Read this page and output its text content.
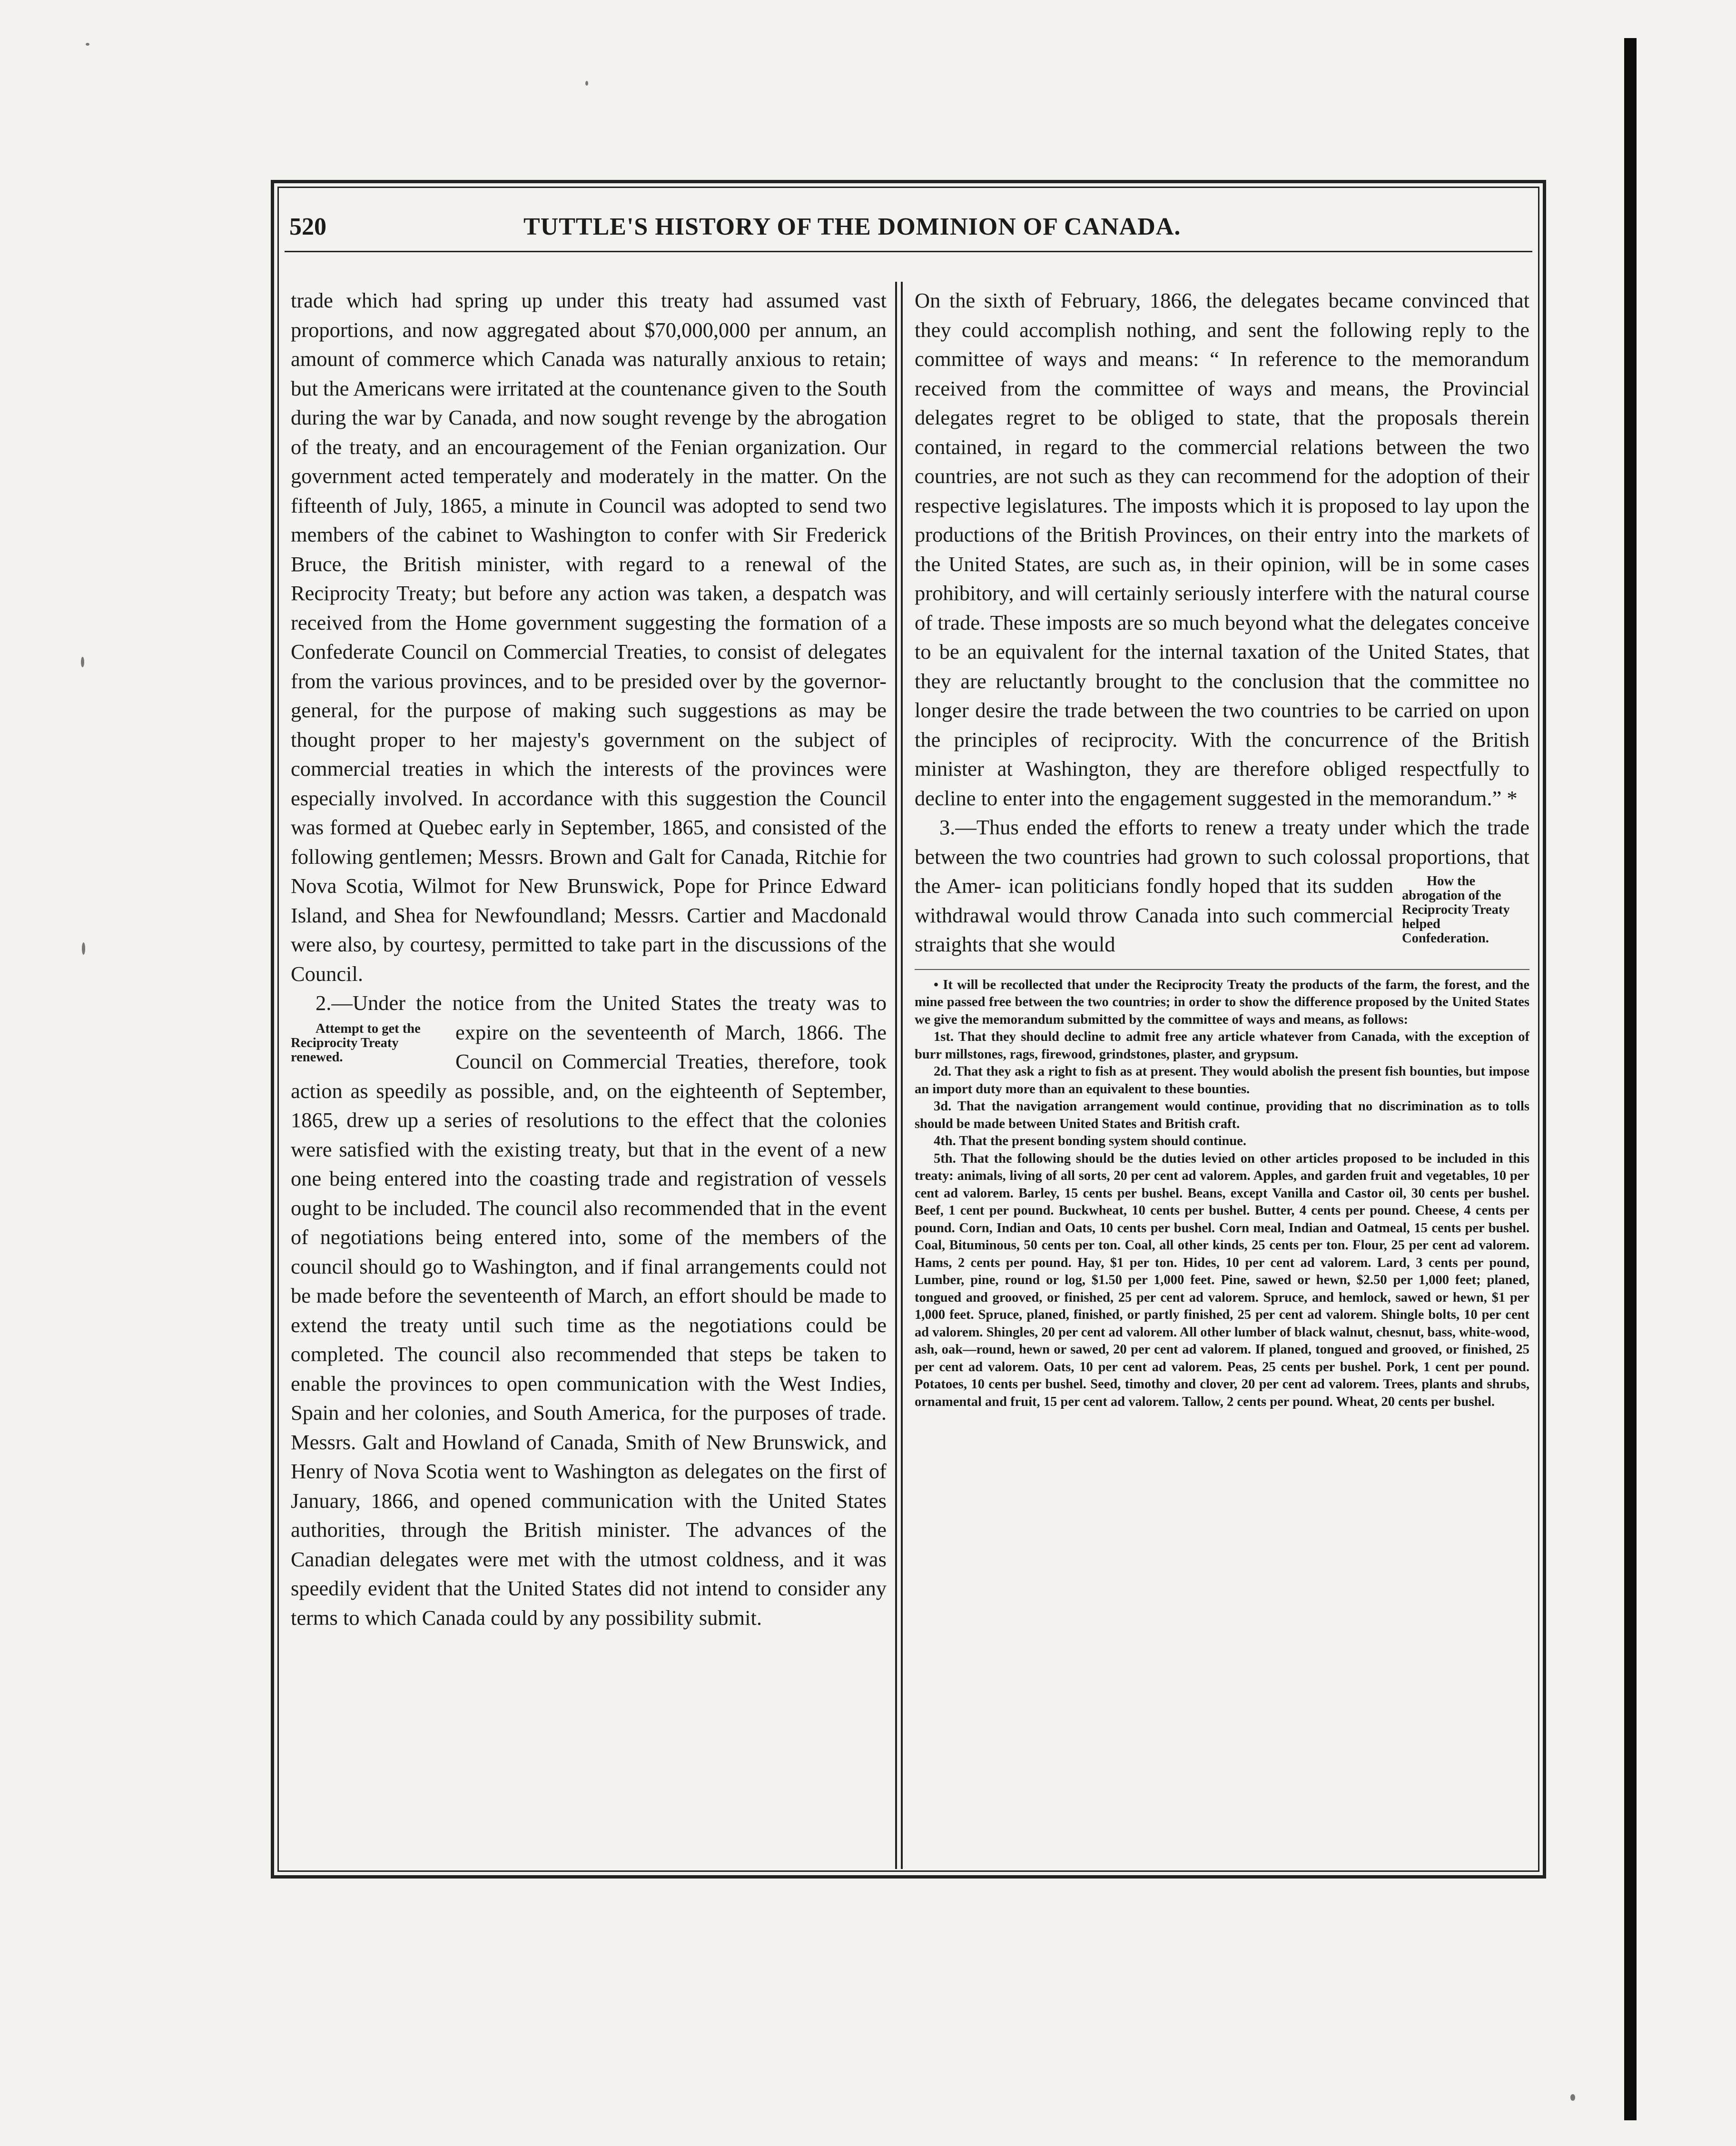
520	TUTTLE'S HISTORY OF THE DOMINION OF CANADA.

trade which had spring up under this treaty had assumed vast proportions, and now aggregated about $70,000,000 per annum, an amount of commerce which Canada was naturally anxious to retain; but the Americans were irritated at the countenance given to the South during the war by Canada, and now sought revenge by the abrogation of the treaty, and an encouragement of the Fenian organization. Our government acted temperately and moderately in the matter. On the fifteenth of July, 1865, a minute in Council was adopted to send two members of the cabinet to Washington to confer with Sir Frederick Bruce, the British minister, with regard to a renewal of the Reciprocity Treaty; but before any action was taken, a despatch was received from the Home government suggesting the formation of a Confederate Council on Commercial Treaties, to consist of delegates from the various provinces, and to be presided over by the governor-general, for the purpose of making such suggestions as may be thought proper to her majesty's government on the subject of commercial treaties in which the interests of the provinces were especially involved. In accordance with this suggestion the Council was formed at Quebec early in September, 1865, and consisted of the following gentlemen; Messrs. Brown and Galt for Canada, Ritchie for Nova Scotia, Wilmot for New Brunswick, Pope for Prince Edward Island, and Shea for Newfoundland; Messrs. Cartier and Macdonald were also, by courtesy, permitted to take part in the discussions of the Council.

2.—Under the notice from the United States the treaty was to expire on the seventeenth of March, 1866. The
Attempt to get the Reciprocity Treaty renewed.	Council on Commercial Treaties, therefore, took action as speedily as possible, and, on the eighteenth of September, 1865, drew up a series of resolutions to the effect that the colonies were satisfied with the existing treaty, but that in the event of a new one being entered into the coasting trade and registration of vessels ought to be included. The council also recommended that in the event of negotiations being entered into, some of the members of the council should go to Washington, and if final arrangements could not be made before the seventeenth of March, an effort should be made to extend the treaty until such time as the negotiations could be completed. The council also recommended that steps be taken to enable the provinces to open communication with the West Indies, Spain and her colonies, and South America, for the purposes of trade. Messrs. Galt and Howland of Canada, Smith of New Brunswick, and Henry of Nova Scotia went to Washington as delegates on the first of January, 1866, and opened communication with the United States authorities, through the British minister. The advances of the Canadian delegates were met with the utmost coldness, and it was speedily evident that the United States did not intend to consider any terms to which Canada could by any possibility submit.

On the sixth of February, 1866, the delegates became convinced that they could accomplish nothing, and sent the following reply to the committee of ways and means: “ In reference to the memorandum received from the committee of ways and means, the Provincial delegates regret to be obliged to state, that the proposals therein contained, in regard to the commercial relations between the two countries, are not such as they can recommend for the adoption of their respective legislatures. The imposts which it is proposed to lay upon the productions of the British Provinces, on their entry into the markets of the United States, are such as, in their opinion, will be in some cases prohibitory, and will certainly seriously interfere with the natural course of trade. These imposts are so much beyond what the delegates conceive to be an equivalent for the internal taxation of the United States, that they are reluctantly brought to the conclusion that the committee no longer desire the trade between the two countries to be carried on upon the principles of reciprocity. With the concurrence of the British minister at Washington, they are therefore obliged respectfully to decline to enter into the engagement suggested in the memorandum.” *

3.—Thus ended the efforts to renew a treaty under which the trade between the two countries had grown to such colossal proportions, that the Amer-	How the abrogation of the Reciprocity Treaty helped Confederation.
ican politicians fondly hoped that its sudden withdrawal would throw Canada into such commercial straights that she would

• It will be recollected that under the Reciprocity Treaty the products of the farm, the forest, and the mine passed free between the two countries; in order to show the difference proposed by the United States we give the memorandum submitted by the committee of ways and means, as follows:

1st. That they should decline to admit free any article whatever from Canada, with the exception of burr millstones, rags, firewood, grindstones, plaster, and grypsum.

2d. That they ask a right to fish as at present. They would abolish the present fish bounties, but impose an import duty more than an equivalent to these bounties.

3d. That the navigation arrangement would continue, providing that no discrimination as to tolls should be made between United States and British craft.

4th. That the present bonding system should continue.

5th. That the following should be the duties levied on other articles proposed to be included in this treaty: animals, living of all sorts, 20 per cent ad valorem. Apples, and garden fruit and vegetables, 10 per cent ad valorem. Barley, 15 cents per bushel. Beans, except Vanilla and Castor oil, 30 cents per bushel. Beef, 1 cent per pound. Buckwheat, 10 cents per bushel. Butter, 4 cents per pound. Cheese, 4 cents per pound. Corn, Indian and Oats, 10 cents per bushel. Corn meal, Indian and Oatmeal, 15 cents per bushel. Coal, Bituminous, 50 cents per ton. Coal, all other kinds, 25 cents per ton. Flour, 25 per cent ad valorem. Hams, 2 cents per pound. Hay, $1 per ton. Hides, 10 per cent ad valorem. Lard, 3 cents per pound, Lumber, pine, round or log, $1.50 per 1,000 feet. Pine, sawed or hewn, $2.50 per 1,000 feet; planed, tongued and grooved, or finished, 25 per cent ad valorem. Spruce, and hemlock, sawed or hewn, $1 per 1,000 feet. Spruce, planed, finished, or partly finished, 25 per cent ad valorem. Shingle bolts, 10 per cent ad valorem. Shingles, 20 per cent ad valorem. All other lumber of black walnut, chesnut, bass, white-wood, ash, oak—round, hewn or sawed, 20 per cent ad valorem. If planed, tongued and grooved, or finished, 25 per cent ad valorem. Oats, 10 per cent ad valorem. Peas, 25 cents per bushel. Pork, 1 cent per pound. Potatoes, 10 cents per bushel. Seed, timothy and clover, 20 per cent ad valorem. Trees, plants and shrubs, ornamental and fruit, 15 per cent ad valorem. Tallow, 2 cents per pound. Wheat, 20 cents per bushel.
